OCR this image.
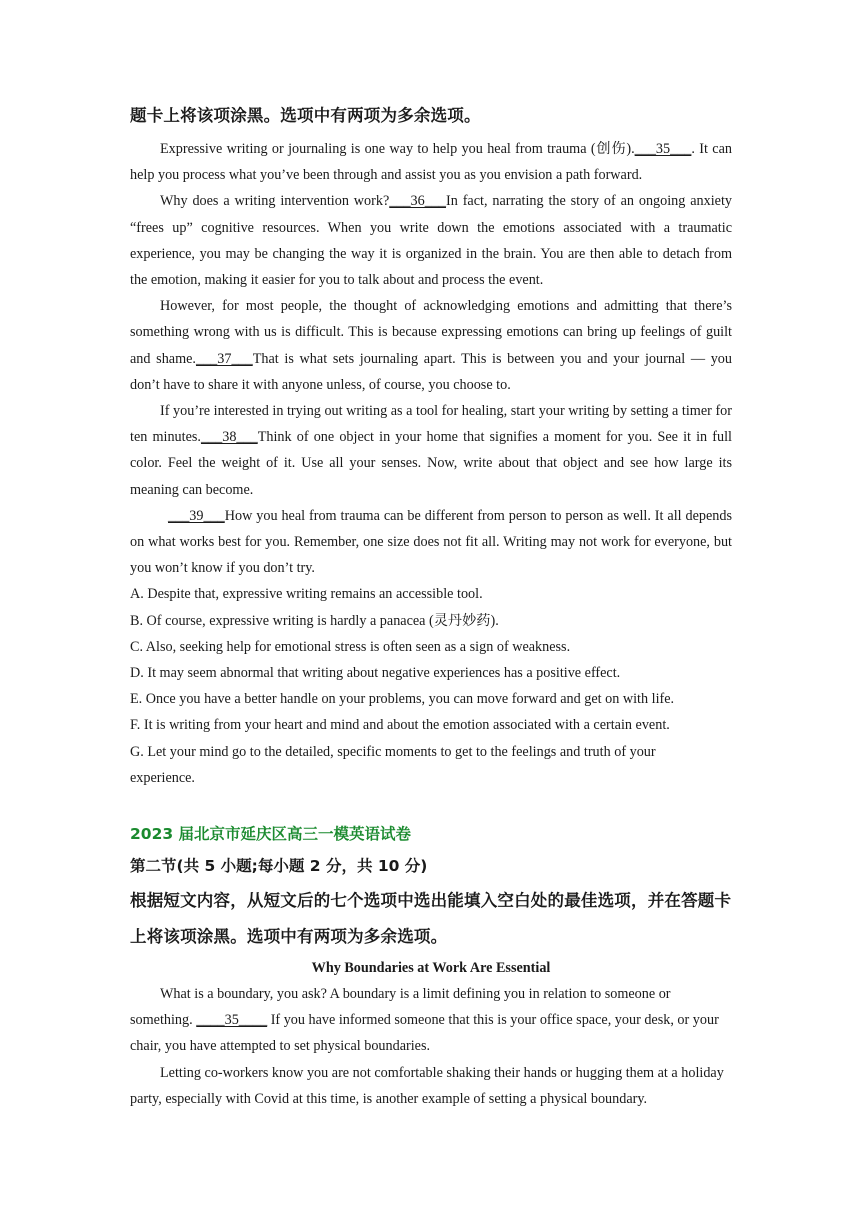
题卡上将该项涂黑。选项中有两项为多余选项。

Expressive writing or journaling is one way to help you heal from trauma (创伤).___35___. It can help you process what you’ve been through and assist you as you envision a path forward.

Why does a writing intervention work?___36___In fact, narrating the story of an ongoing anxiety “frees up” cognitive resources. When you write down the emotions associated with a traumatic experience, you may be changing the way it is organized in the brain. You are then able to detach from the emotion, making it easier for you to talk about and process the event.

However, for most people, the thought of acknowledging emotions and admitting that there’s something wrong with us is difficult. This is because expressing emotions can bring up feelings of guilt and shame.___37___That is what sets journaling apart. This is between you and your journal — you don’t have to share it with anyone unless, of course, you choose to.

If you’re interested in trying out writing as a tool for healing, start your writing by setting a timer for ten minutes.___38___Think of one object in your home that signifies a moment for you. See it in full color. Feel the weight of it. Use all your senses. Now, write about that object and see how large its meaning can become.

___39___How you heal from trauma can be different from person to person as well. It all depends on what works best for you. Remember, one size does not fit all. Writing may not work for everyone, but you won’t know if you don’t try.

A. Despite that, expressive writing remains an accessible tool.
B. Of course, expressive writing is hardly a panacea (灵丹妙药).
C. Also, seeking help for emotional stress is often seen as a sign of weakness.
D. It may seem abnormal that writing about negative experiences has a positive effect.
E. Once you have a better handle on your problems, you can move forward and get on with life.
F. It is writing from your heart and mind and about the emotion associated with a certain event.
G. Let your mind go to the detailed, specific moments to get to the feelings and truth of your experience.
2023 届北京市延庆区高三一模英语试卷
第二节(共 5 小题;每小题 2 分，共 10 分)
根据短文内容，从短文后的七个选项中选出能填入空白处的最佳选项，并在答题卡上将该项涂黑。选项中有两项为多余选项。
Why Boundaries at Work Are Essential

What is a boundary, you ask? A boundary is a limit defining you in relation to someone or something. ____35____ If you have informed someone that this is your office space, your desk, or your chair, you have attempted to set physical boundaries.

Letting co-workers know you are not comfortable shaking their hands or hugging them at a holiday party, especially with Covid at this time, is another example of setting a physical boundary.
